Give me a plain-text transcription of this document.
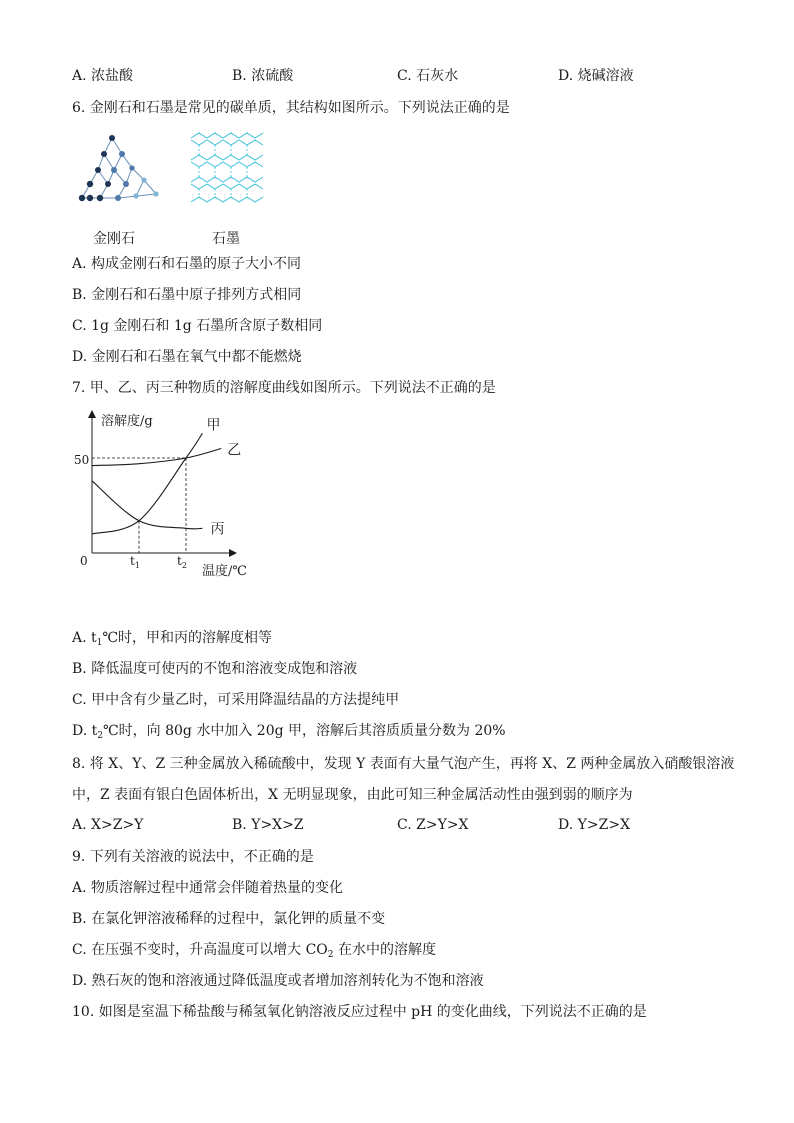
A. 浓盐酸	B. 浓硫酸	C. 石灰水	D. 烧碱溶液
6. 金刚石和石墨是常见的碳单质，其结构如图所示。下列说法正确的是
金刚石	石墨
A. 构成金刚石和石墨的原子大小不同
B. 金刚石和石墨中原子排列方式相同
C. 1g 金刚石和 1g 石墨所含原子数相同
D. 金刚石和石墨在氧气中都不能燃烧
7. 甲、乙、丙三种物质的溶解度曲线如图所示。下列说法不正确的是
溶解度/g
温度/℃
0
50
甲
乙
丙
$t_1$	$t_2$
A. $t_1℃$时，甲和丙的溶解度相等
B. 降低温度可使丙的不饱和溶液变成饱和溶液
C. 甲中含有少量乙时，可采用降温结晶的方法提纯甲
D. $t_2℃$时，向 80g 水中加入 20g 甲，溶解后其溶质质量分数为 20%
8. 将 X、Y、Z 三种金属放入稀硫酸中，发现 Y 表面有大量气泡产生，再将 X、Z 两种金属放入硝酸银溶液
中，Z 表面有银白色固体析出，X 无明显现象，由此可知三种金属活动性由强到弱的顺序为
A. X>Z>Y	B. Y>X>Z	C. Z>Y>X	D. Y>Z>X
9. 下列有关溶液的说法中，不正确的是
A. 物质溶解过程中通常会伴随着热量的变化
B. 在氯化钾溶液稀释的过程中，氯化钾的质量不变
C. 在压强不变时，升高温度可以增大 $CO_2$ 在水中的溶解度
D. 熟石灰的饱和溶液通过降低温度或者增加溶剂转化为不饱和溶液
10. 如图是室温下稀盐酸与稀氢氧化钠溶液反应过程中 pH 的变化曲线，下列说法不正确的是
